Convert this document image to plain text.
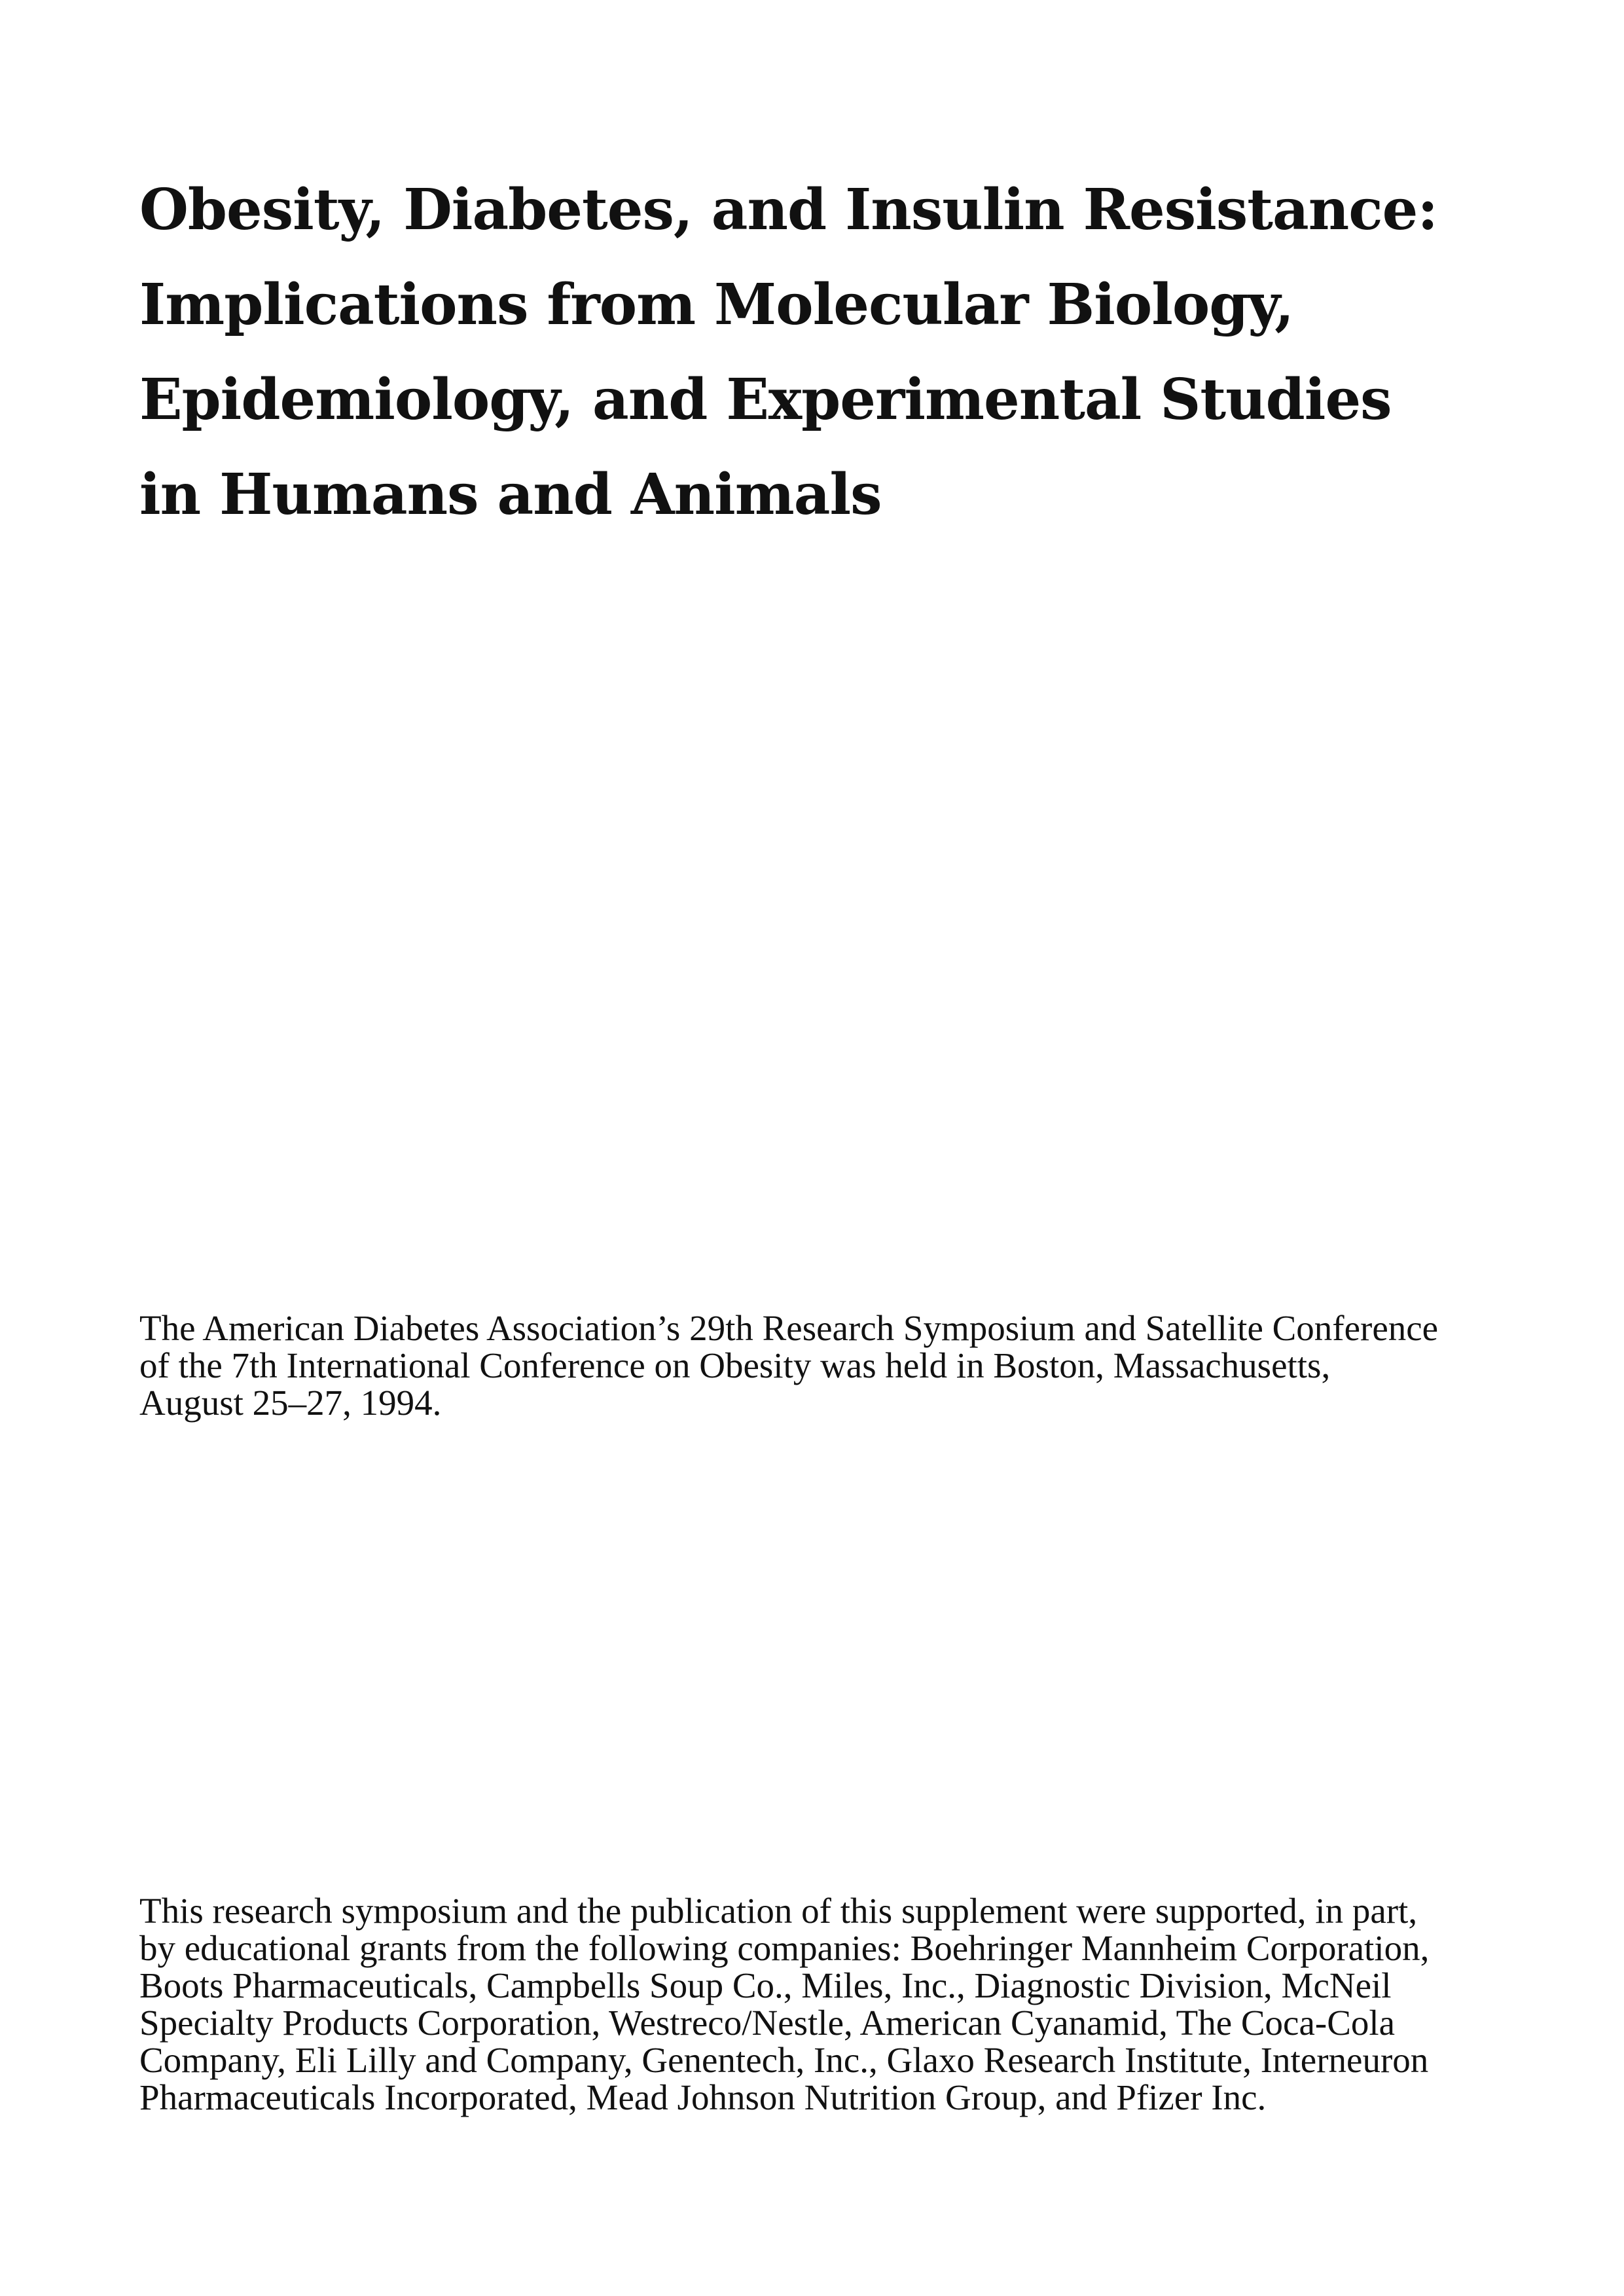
Obesity, Diabetes, and Insulin Resistance:
Implications from Molecular Biology,
Epidemiology, and Experimental Studies
in Humans and Animals

The American Diabetes Association’s 29th Research Symposium and Satellite Conference
of the 7th International Conference on Obesity was held in Boston, Massachusetts,
August 25–27, 1994.

This research symposium and the publication of this supplement were supported, in part,
by educational grants from the following companies: Boehringer Mannheim Corporation,
Boots Pharmaceuticals, Campbells Soup Co., Miles, Inc., Diagnostic Division, McNeil
Specialty Products Corporation, Westreco/Nestle, American Cyanamid, The Coca-Cola
Company, Eli Lilly and Company, Genentech, Inc., Glaxo Research Institute, Interneuron
Pharmaceuticals Incorporated, Mead Johnson Nutrition Group, and Pfizer Inc.
